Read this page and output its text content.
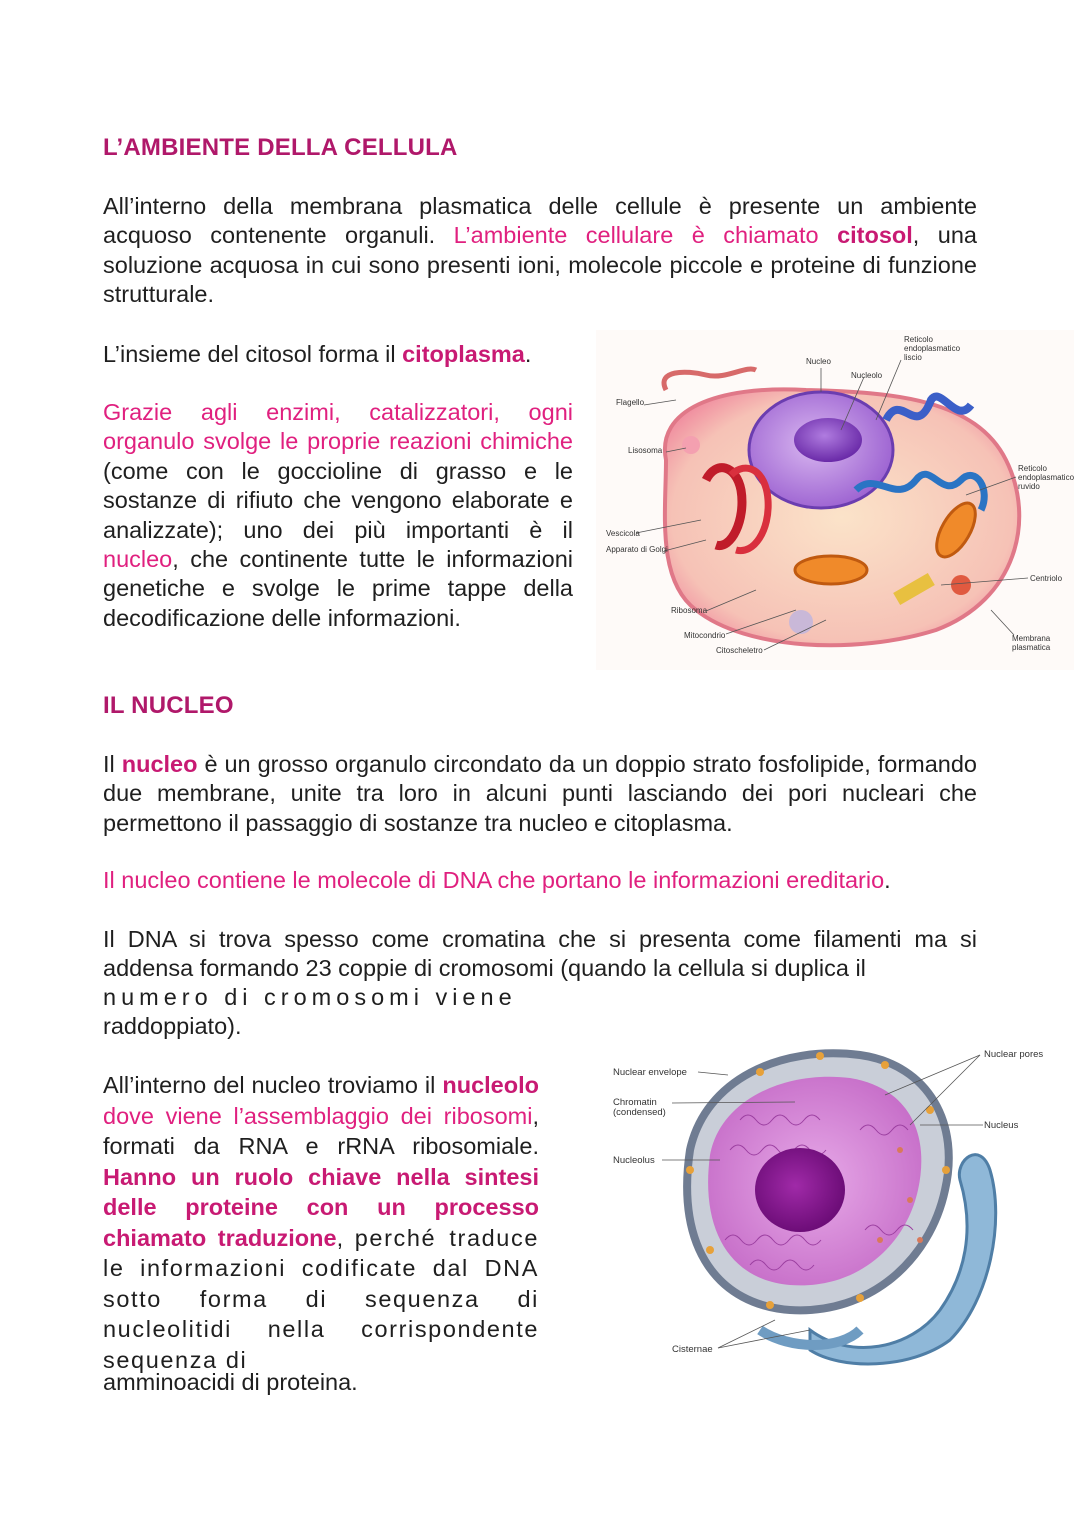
L’AMBIENTE DELLA CELLULA

All’interno della membrana plasmatica delle cellule è presente un ambiente acquoso contenente organuli. L’ambiente cellulare è chiamato citosol, una soluzione acquosa in cui sono presenti ioni, molecole piccole e proteine di funzione strutturale.

L’insieme del citosol forma il citoplasma.

Grazie agli enzimi, catalizzatori, ogni organulo svolge le proprie reazioni chimiche (come con le goccioline di grasso e le sostanze di rifiuto che vengono elaborate e analizzate); uno dei più importanti è il nucleo, che continente tutte le informazioni genetiche e svolge le prime tappe della decodificazione delle informazioni.

Flagello
Lisosoma
Vescicola
Apparato di Golgi
Ribosoma
Mitocondrio
Citoscheletro
Nucleo
Nucleolo
Reticolo
endoplasmatico
liscio
Reticolo
endoplasmatico
ruvido
Centriolo
Membrana
plasmatica
IL NUCLEO

Il nucleo è un grosso organulo circondato da un doppio strato fosfolipide, formando due membrane, unite tra loro in alcuni punti lasciando dei pori nucleari che permettono il passaggio di sostanze tra nucleo e citoplasma.

Il nucleo contiene le molecole di DNA che portano le informazioni ereditario.

Il DNA si trova spesso come cromatina che si presenta come filamenti ma si addensa formando 23 coppie di cromosomi (quando la cellula si duplica il

numero di cromosomi viene

raddoppiato).

All’interno del nucleo troviamo il nucleolo dove viene l’assemblaggio dei ribosomi, formati da RNA e rRNA ribosomiale. Hanno un ruolo chiave nella sintesi delle proteine con un processo chiamato traduzione, perché traduce le informazioni codificate dal DNA sotto forma di sequenza di nucleolitidi nella corrispondente sequenza di

amminoacidi di proteina.

Nuclear envelope
Chromatin
(condensed)
Nucleolus
Nuclear pores
Nucleus
Cisternae
